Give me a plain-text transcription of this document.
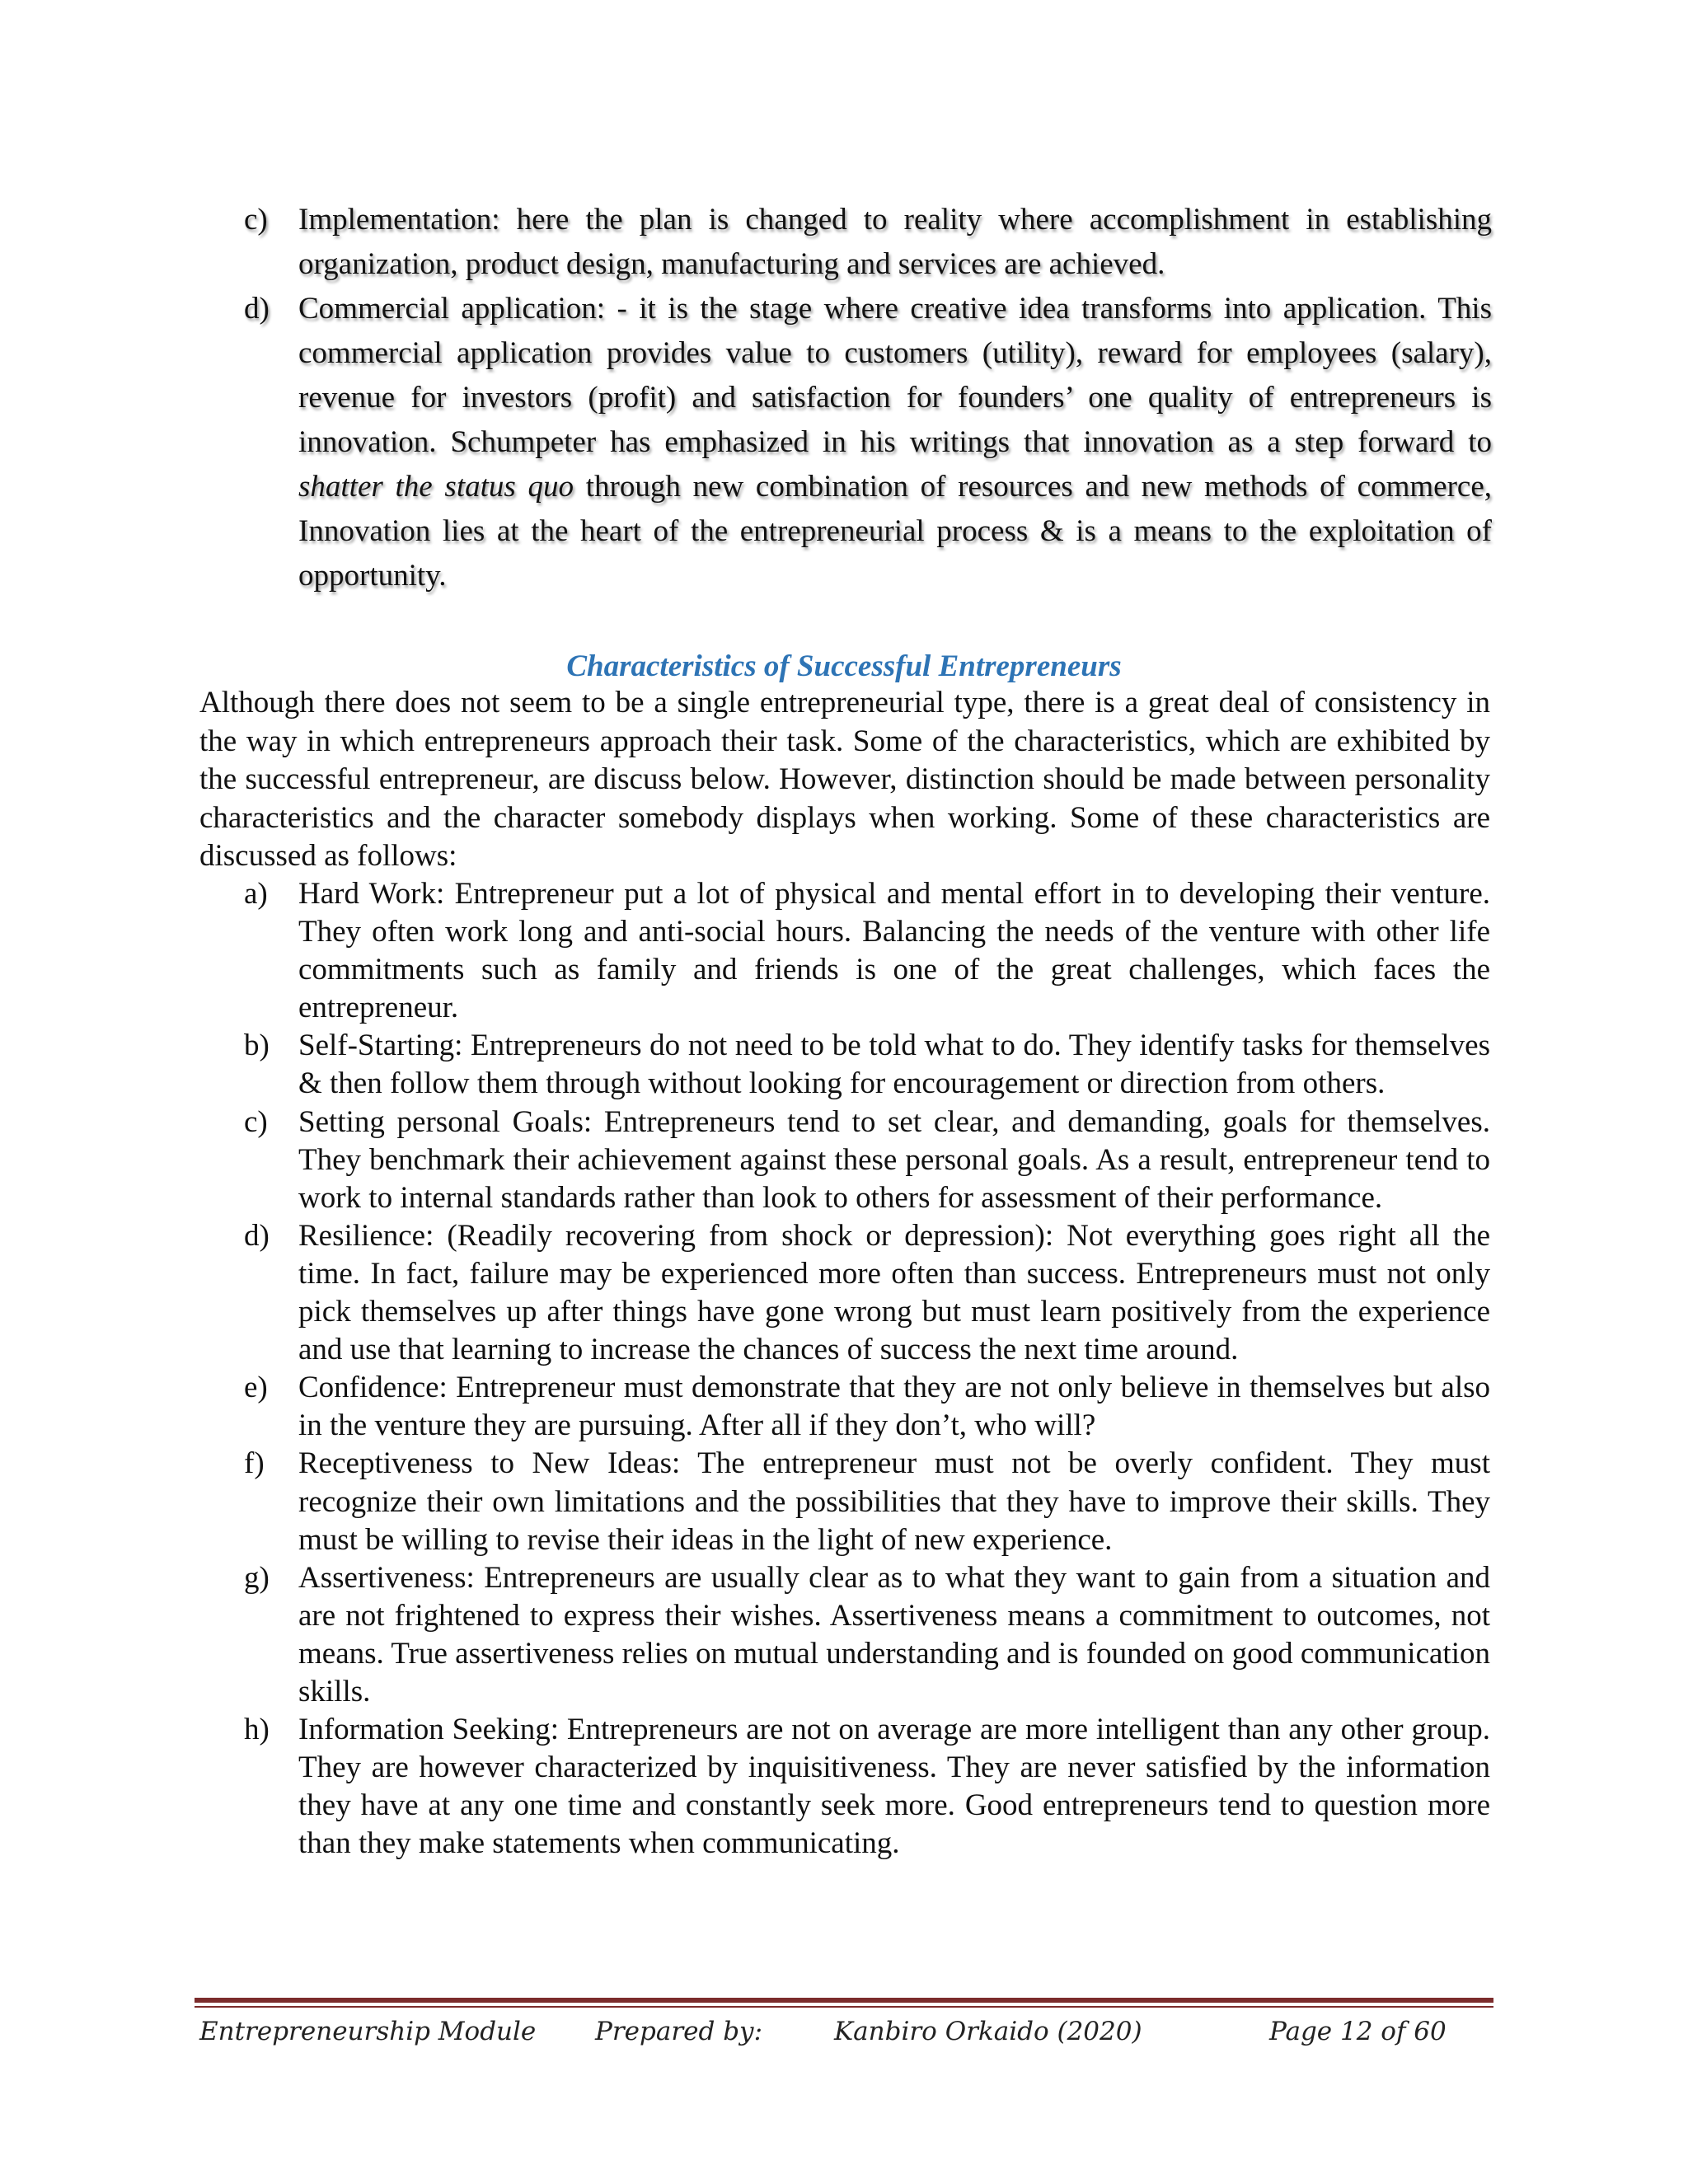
c) Implementation: here the plan is changed to reality where accomplishment in establishing organization, product design, manufacturing and services are achieved.
d) Commercial application: - it is the stage where creative idea transforms into application. This commercial application provides value to customers (utility), reward for employees (salary), revenue for investors (profit) and satisfaction for founders’ one quality of entrepreneurs is innovation. Schumpeter has emphasized in his writings that innovation as a step forward to shatter the status quo through new combination of resources and new methods of commerce, Innovation lies at the heart of the entrepreneurial process & is a means to the exploitation of opportunity.
Characteristics of Successful Entrepreneurs

Although there does not seem to be a single entrepreneurial type, there is a great deal of consistency in the way in which entrepreneurs approach their task. Some of the characteristics, which are exhibited by the successful entrepreneur, are discuss below. However, distinction should be made between personality characteristics and the character somebody displays when working. Some of these characteristics are discussed as follows:

a) Hard Work: Entrepreneur put a lot of physical and mental effort in to developing their venture. They often work long and anti-social hours. Balancing the needs of the venture with other life commitments such as family and friends is one of the great challenges, which faces the entrepreneur.
b) Self-Starting: Entrepreneurs do not need to be told what to do. They identify tasks for themselves & then follow them through without looking for encouragement or direction from others.
c) Setting personal Goals: Entrepreneurs tend to set clear, and demanding, goals for themselves. They benchmark their achievement against these personal goals. As a result, entrepreneur tend to work to internal standards rather than look to others for assessment of their performance.
d) Resilience: (Readily recovering from shock or depression): Not everything goes right all the time. In fact, failure may be experienced more often than success. Entrepreneurs must not only pick themselves up after things have gone wrong but must learn positively from the experience and use that learning to increase the chances of success the next time around.
e) Confidence: Entrepreneur must demonstrate that they are not only believe in themselves but also in the venture they are pursuing. After all if they don’t, who will?
f) Receptiveness to New Ideas: The entrepreneur must not be overly confident. They must recognize their own limitations and the possibilities that they have to improve their skills. They must be willing to revise their ideas in the light of new experience.
g) Assertiveness: Entrepreneurs are usually clear as to what they want to gain from a situation and are not frightened to express their wishes. Assertiveness means a commitment to outcomes, not means. True assertiveness relies on mutual understanding and is founded on good communication skills.
h) Information Seeking: Entrepreneurs are not on average are more intelligent than any other group. They are however characterized by inquisitiveness. They are never satisfied by the information they have at any one time and constantly seek more. Good entrepreneurs tend to question more than they make statements when communicating.
Entrepreneurship Module Prepared by:	Kanbiro Orkaido (2020)	Page 12 of 60
